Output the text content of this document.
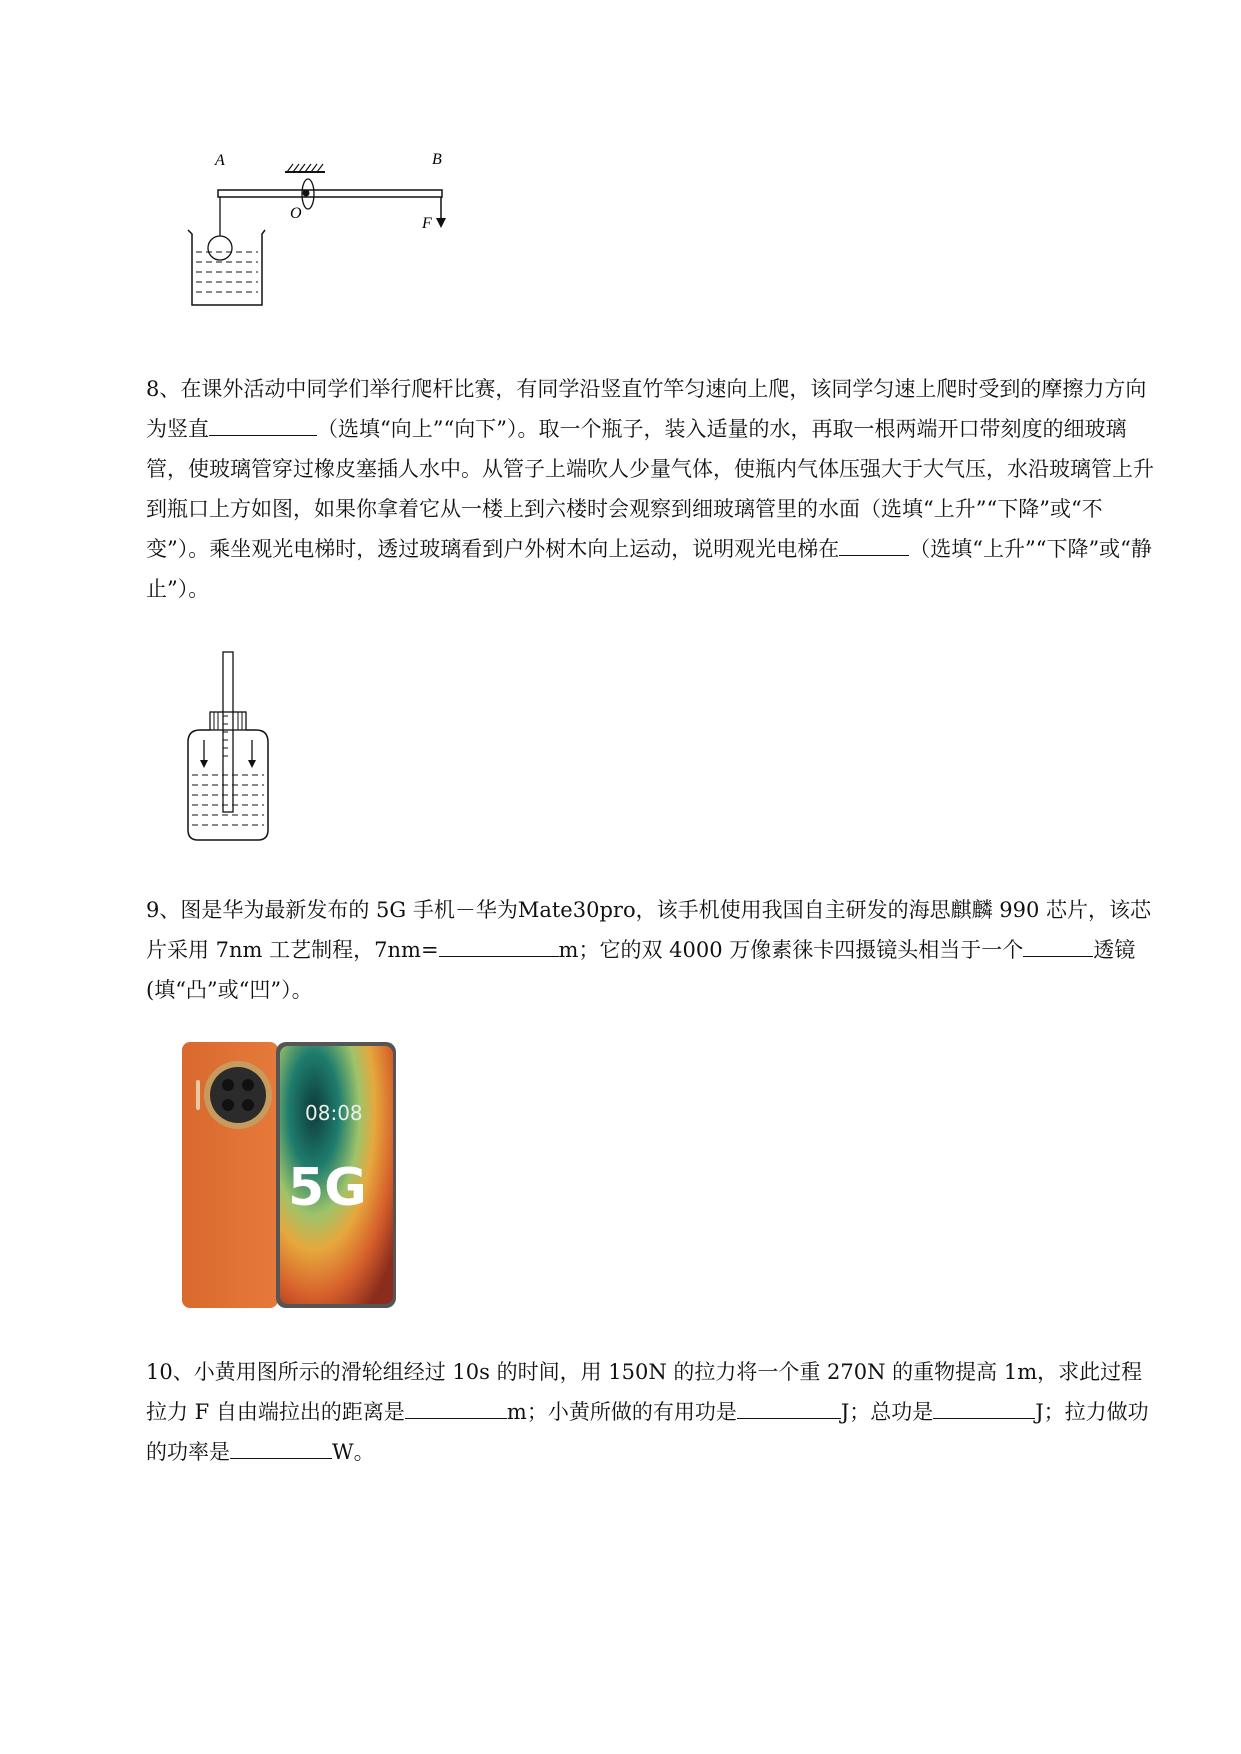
A	B
O
F

8、在课外活动中同学们举行爬杆比赛，有同学沿竖直竹竿匀速向上爬，该同学匀速上爬时受到的摩擦力方向为竖直	（选填“向上”“向下”）。取一个瓶子，装入适量的水，再取一根两端开口带刻度的细玻璃管，使玻璃管穿过橡皮塞插人水中。从管子上端吹人少量气体，使瓶内气体压强大于大气压，水沿玻璃管上升到瓶口上方如图，如果你拿着它从一楼上到六楼时会观察到细玻璃管里的水面（选填“上升”“下降”或“不变”）。乘坐观光电梯时，透过玻璃看到户外树木向上运动，说明观光电梯在	（选填“上升”“下降”或“静止”）。

9、图是华为最新发布的 5G 手机－华为Mate30pro，该手机使用我国自主研发的海思麒麟 990 芯片，该芯片采用 7nm 工艺制程，7nm=	m；它的双 4000 万像素徕卡四摄镜头相当于一个	透镜(填“凸”或“凹”）。

08:08
5G

10、小黄用图所示的滑轮组经过 10s 的时间，用 150N 的拉力将一个重 270N 的重物提高 1m，求此过程拉力 F 自由端拉出的距离是	m；小黄所做的有用功是	J；总功是	J；拉力做功的功率是	W。
